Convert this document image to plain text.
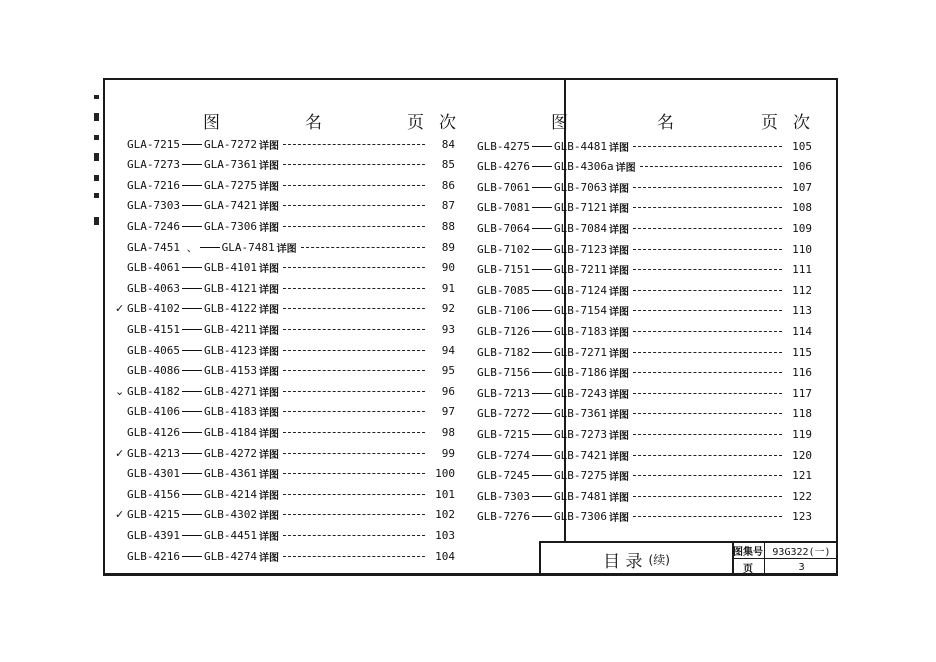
图	名	页 次	图	名	页 次
GLA-7215 GLA-7272 详图	84
GLA-7273 GLA-7361 详图	85
GLA-7216 GLA-7275 详图	86
GLA-7303 GLA-7421 详图	87
GLA-7246 GLA-7306 详图	88
GLA-7451 、 GLA-7481 详图	89
GLB-4061 GLB-4101 详图	90
GLB-4063 GLB-4121 详图	91
✓ GLB-4102 GLB-4122 详图	92
GLB-4151 GLB-4211 详图	93
GLB-4065 GLB-4123 详图	94
GLB-4086 GLB-4153 详图	95
⌄ GLB-4182 GLB-4271 详图	96
GLB-4106 GLB-4183 详图	97
GLB-4126 GLB-4184 详图	98
✓ GLB-4213 GLB-4272 详图	99
GLB-4301 GLB-4361 详图	100
GLB-4156 GLB-4214 详图	101
✓ GLB-4215 GLB-4302 详图	102
GLB-4391 GLB-4451 详图	103
GLB-4216 GLB-4274 详图	104
GLB-4275 GLB-4481 详图	105
GLB-4276 GLB-4306a 详图	106
GLB-7061 GLB-7063 详图	107
GLB-7081 GLB-7121 详图	108
GLB-7064 GLB-7084 详图	109
GLB-7102 GLB-7123 详图	110
GLB-7151 GLB-7211 详图	111
GLB-7085 GLB-7124 详图	112
GLB-7106 GLB-7154 详图	113
GLB-7126 GLB-7183 详图	114
GLB-7182 GLB-7271 详图	115
GLB-7156 GLB-7186 详图	116
GLB-7213 GLB-7243 详图	117
GLB-7272 GLB-7361 详图	118
GLB-7215 GLB-7273 详图	119
GLB-7274 GLB-7421 详图	120
GLB-7245 GLB-7275 详图	121
GLB-7303 GLB-7481 详图	122
GLB-7276 GLB-7306 详图	123
目 录 (续)	图集号 93G322(一)
页	3
